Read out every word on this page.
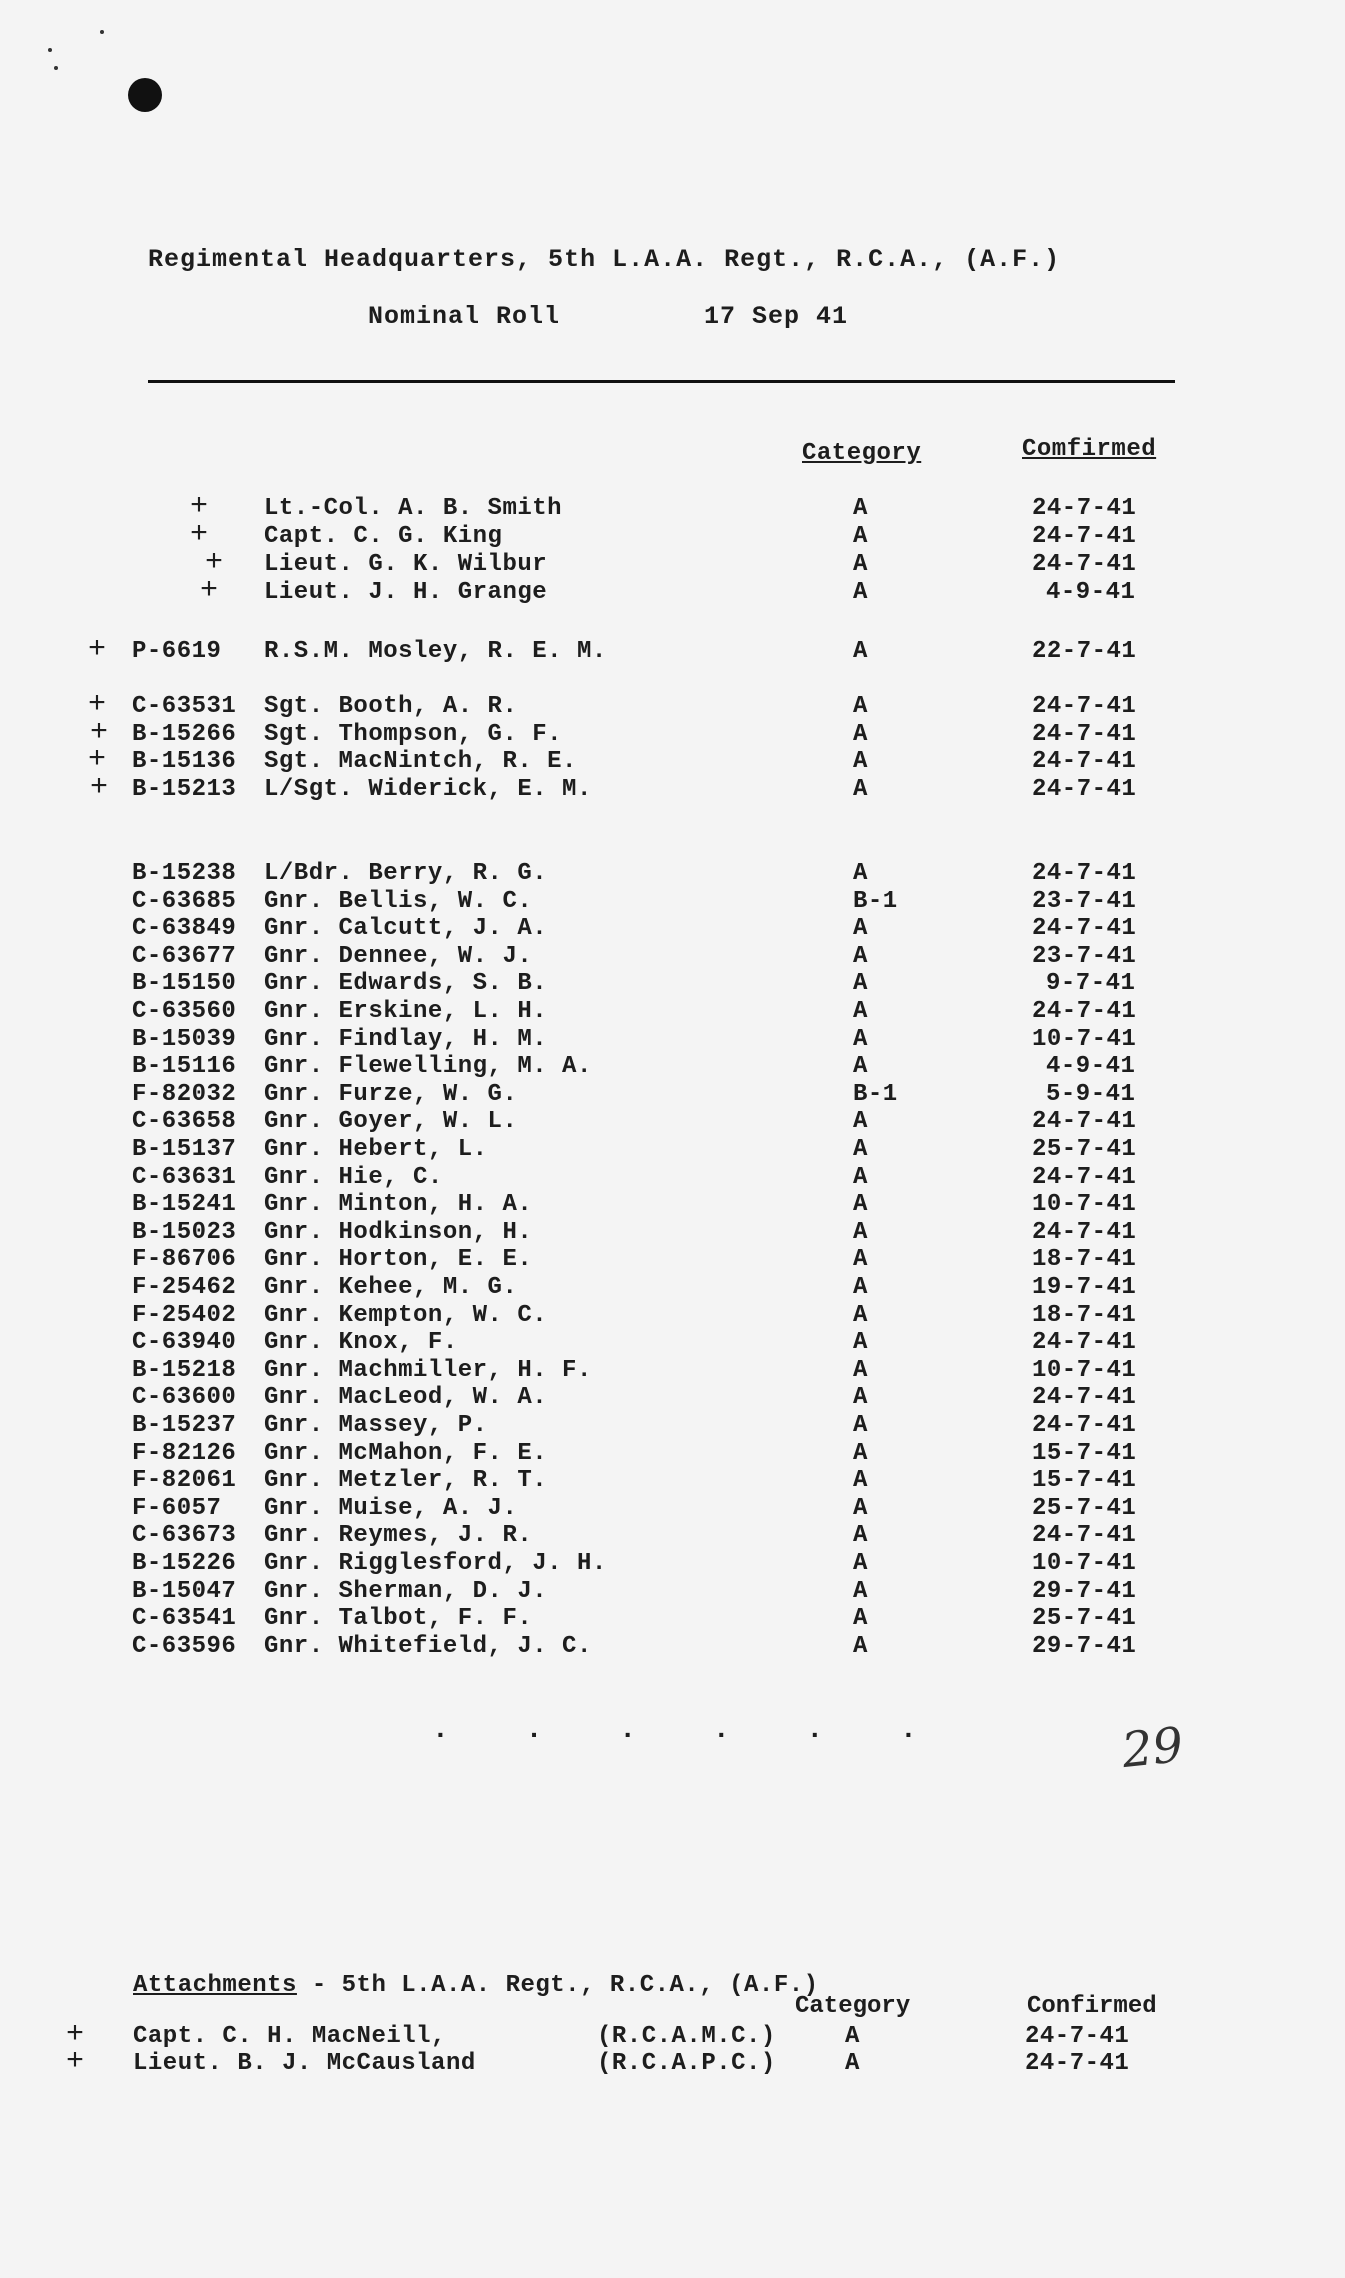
Regimental Headquarters, 5th L.A.A. Regt., R.C.A., (A.F.)
Nominal Roll	17 Sep 41
Category	Comfirmed
+ Lt.-Col. A. B. Smith	A	24-7-41
+ Capt. C. G. King	A	24-7-41
+ Lieut. G. K. Wilbur	A	24-7-41
+ Lieut. J. H. Grange	A	4-9-41
+ P-6619 R.S.M. Mosley, R. E. M.	A	22-7-41
+ C-63531 Sgt. Booth, A. R.	A	24-7-41
+ B-15266 Sgt. Thompson, G. F.	A	24-7-41
+ B-15136 Sgt. MacNintch, R. E.	A	24-7-41
+ B-15213 L/Sgt. Widerick, E. M.	A	24-7-41
B-15238 L/Bdr. Berry, R. G.	A	24-7-41
C-63685 Gnr. Bellis, W. C.	B-1	23-7-41
C-63849 Gnr. Calcutt, J. A.	A	24-7-41
C-63677 Gnr. Dennee, W. J.	A	23-7-41
B-15150 Gnr. Edwards, S. B.	A	9-7-41
C-63560 Gnr. Erskine, L. H.	A	24-7-41
B-15039 Gnr. Findlay, H. M.	A	10-7-41
B-15116 Gnr. Flewelling, M. A.	A	4-9-41
F-82032 Gnr. Furze, W. G.	B-1	5-9-41
C-63658 Gnr. Goyer, W. L.	A	24-7-41
B-15137 Gnr. Hebert, L.	A	25-7-41
C-63631 Gnr. Hie, C.	A	24-7-41
B-15241 Gnr. Minton, H. A.	A	10-7-41
B-15023 Gnr. Hodkinson, H.	A	24-7-41
F-86706 Gnr. Horton, E. E.	A	18-7-41
F-25462 Gnr. Kehee, M. G.	A	19-7-41
F-25402 Gnr. Kempton, W. C.	A	18-7-41
C-63940 Gnr. Knox, F.	A	24-7-41
B-15218 Gnr. Machmiller, H. F.	A	10-7-41
C-63600 Gnr. MacLeod, W. A.	A	24-7-41
B-15237 Gnr. Massey, P.	A	24-7-41
F-82126 Gnr. McMahon, F. E.	A	15-7-41
F-82061 Gnr. Metzler, R. T.	A	15-7-41
F-6057 Gnr. Muise, A. J.	A	25-7-41
C-63673 Gnr. Reymes, J. R.	A	24-7-41
B-15226 Gnr. Rigglesford, J. H.	A	10-7-41
B-15047 Gnr. Sherman, D. J.	A	29-7-41
C-63541 Gnr. Talbot, F. F.	A	25-7-41
C-63596 Gnr. Whitefield, J. C.	A	29-7-41
. . . . . .	29
Attachments - 5th L.A.A. Regt., R.C.A., (A.F.)
Category	Confirmed
+ Capt. C. H. MacNeill,	(R.C.A.M.C.)	A	24-7-41
+ Lieut. B. J. McCausland	(R.C.A.P.C.)	A	24-7-41
